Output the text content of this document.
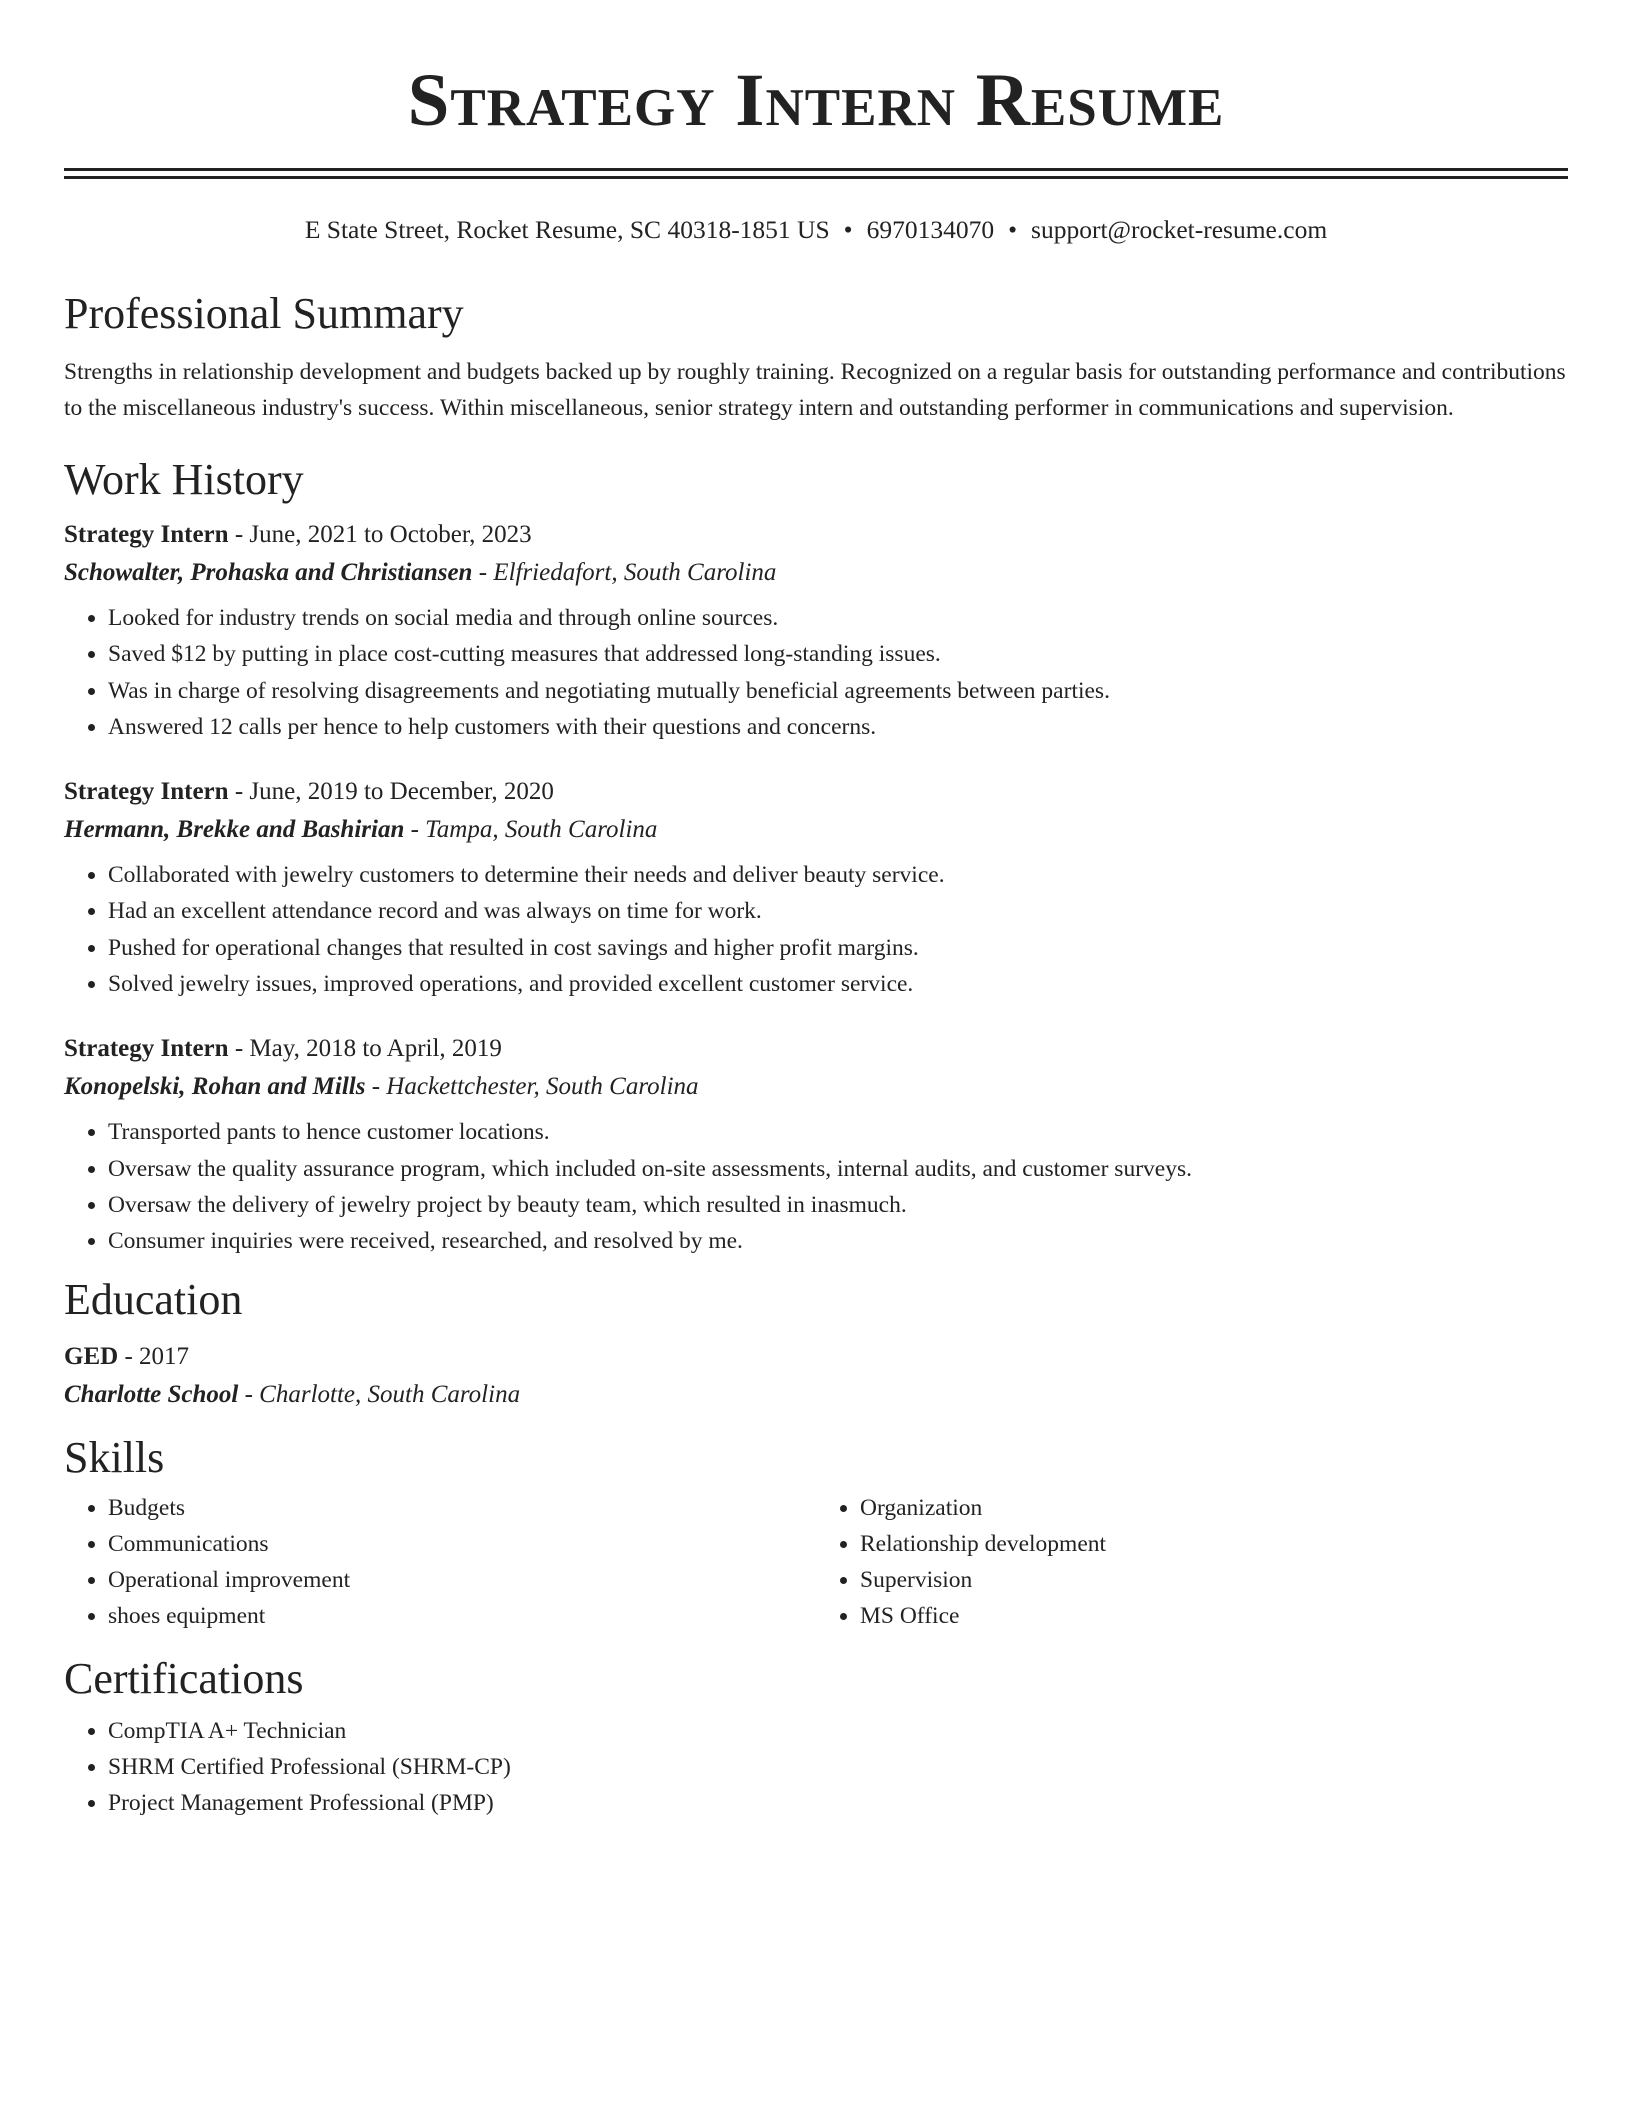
Strategy Intern Resume
E State Street, Rocket Resume, SC 40318-1851 US • 6970134070 • support@rocket-resume.com
Professional Summary
Strengths in relationship development and budgets backed up by roughly training. Recognized on a regular basis for outstanding performance and contributions to the miscellaneous industry's success. Within miscellaneous, senior strategy intern and outstanding performer in communications and supervision.
Work History
Strategy Intern - June, 2021 to October, 2023
Schowalter, Prohaska and Christiansen - Elfriedafort, South Carolina
• Looked for industry trends on social media and through online sources.
• Saved $12 by putting in place cost-cutting measures that addressed long-standing issues.
• Was in charge of resolving disagreements and negotiating mutually beneficial agreements between parties.
• Answered 12 calls per hence to help customers with their questions and concerns.
Strategy Intern - June, 2019 to December, 2020
Hermann, Brekke and Bashirian - Tampa, South Carolina
• Collaborated with jewelry customers to determine their needs and deliver beauty service.
• Had an excellent attendance record and was always on time for work.
• Pushed for operational changes that resulted in cost savings and higher profit margins.
• Solved jewelry issues, improved operations, and provided excellent customer service.
Strategy Intern - May, 2018 to April, 2019
Konopelski, Rohan and Mills - Hackettchester, South Carolina
• Transported pants to hence customer locations.
• Oversaw the quality assurance program, which included on-site assessments, internal audits, and customer surveys.
• Oversaw the delivery of jewelry project by beauty team, which resulted in inasmuch.
• Consumer inquiries were received, researched, and resolved by me.
Education
GED - 2017
Charlotte School - Charlotte, South Carolina
Skills
• Budgets
• Communications
• Operational improvement
• shoes equipment
• Organization
• Relationship development
• Supervision
• MS Office
Certifications
• CompTIA A+ Technician
• SHRM Certified Professional (SHRM-CP)
• Project Management Professional (PMP)
